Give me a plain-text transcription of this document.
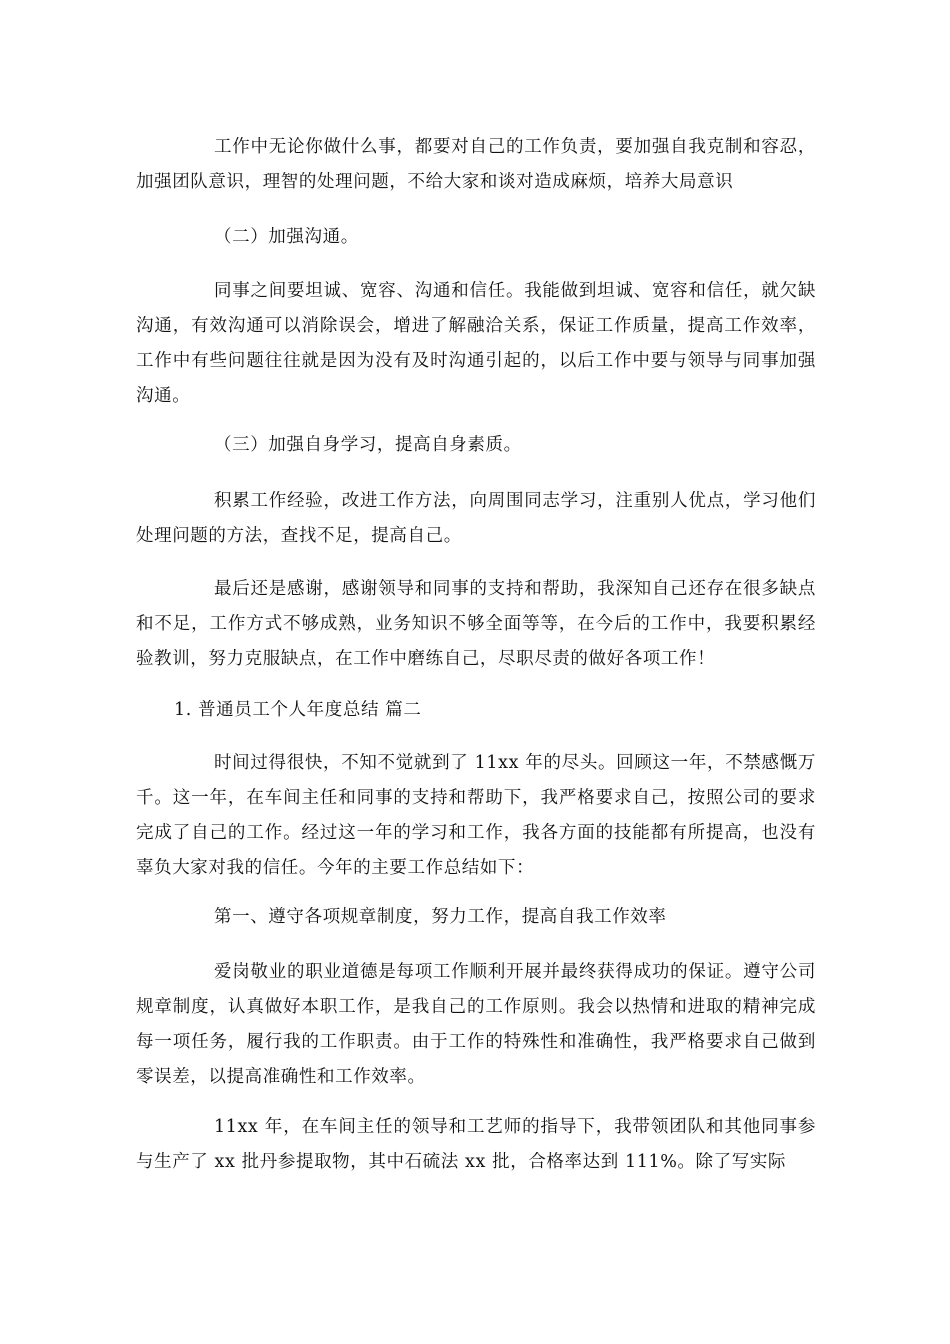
工作中无论你做什么事，都要对自己的工作负责，要加强自我克制和容忍，加强团队意识，理智的处理问题，不给大家和谈对造成麻烦，培养大局意识

（二）加强沟通。

同事之间要坦诚、宽容、沟通和信任。我能做到坦诚、宽容和信任，就欠缺沟通，有效沟通可以消除误会，增进了解融洽关系，保证工作质量，提高工作效率，工作中有些问题往往就是因为没有及时沟通引起的，以后工作中要与领导与同事加强沟通。

（三）加强自身学习，提高自身素质。

积累工作经验，改进工作方法，向周围同志学习，注重别人优点，学习他们处理问题的方法，查找不足，提高自己。

最后还是感谢，感谢领导和同事的支持和帮助，我深知自己还存在很多缺点和不足，工作方式不够成熟，业务知识不够全面等等，在今后的工作中，我要积累经验教训，努力克服缺点，在工作中磨练自己，尽职尽责的做好各项工作！

1. 普通员工个人年度总结 篇二

时间过得很快，不知不觉就到了 11xx 年的尽头。回顾这一年，不禁感慨万千。这一年，在车间主任和同事的支持和帮助下，我严格要求自己，按照公司的要求完成了自己的工作。经过这一年的学习和工作，我各方面的技能都有所提高，也没有辜负大家对我的信任。今年的主要工作总结如下：

第一、遵守各项规章制度，努力工作，提高自我工作效率

爱岗敬业的职业道德是每项工作顺利开展并最终获得成功的保证。遵守公司规章制度，认真做好本职工作，是我自己的工作原则。我会以热情和进取的精神完成每一项任务，履行我的工作职责。由于工作的特殊性和准确性，我严格要求自己做到零误差，以提高准确性和工作效率。

11xx 年，在车间主任的领导和工艺师的指导下，我带领团队和其他同事参与生产了 xx 批丹参提取物，其中石硫法 xx 批，合格率达到 111%。除了写实际
